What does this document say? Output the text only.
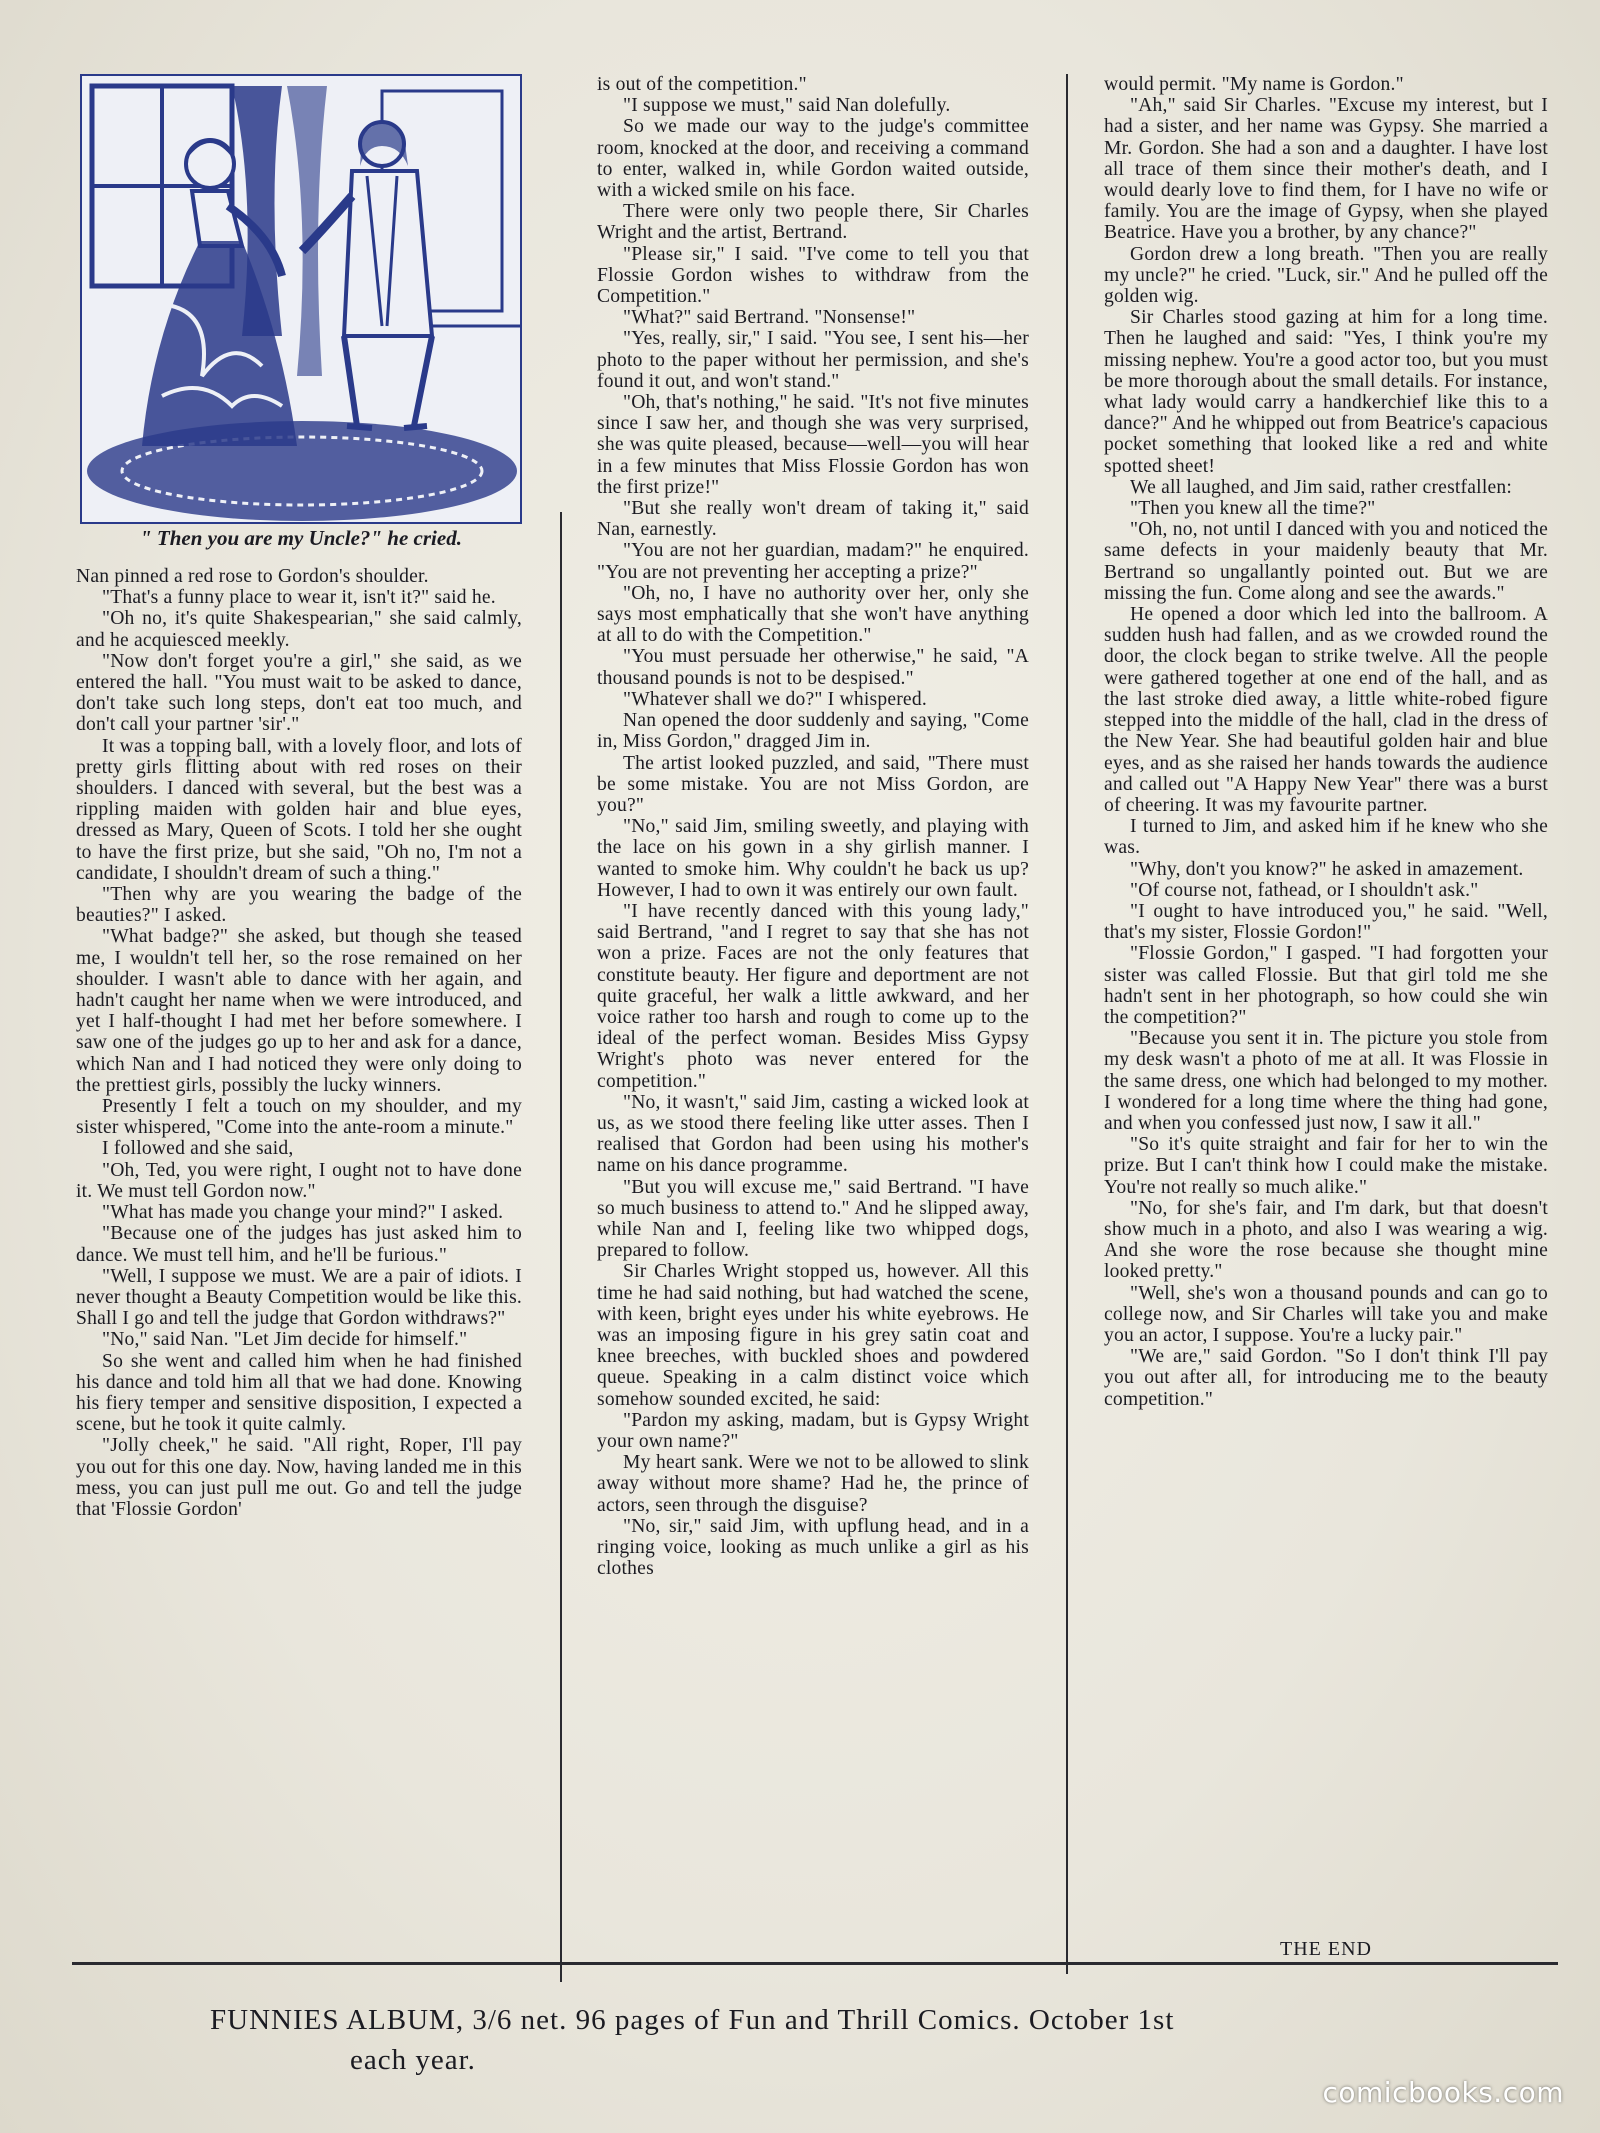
" Then you are my Uncle?" he cried.

Nan pinned a red rose to Gordon's shoulder.

"That's a funny place to wear it, isn't it?" said he.

"Oh no, it's quite Shakespearian," she said calmly, and he acquiesced meekly.

"Now don't forget you're a girl," she said, as we entered the hall. "You must wait to be asked to dance, don't take such long steps, don't eat too much, and don't call your partner 'sir'."

It was a topping ball, with a lovely floor, and lots of pretty girls flitting about with red roses on their shoulders. I danced with several, but the best was a rippling maiden with golden hair and blue eyes, dressed as Mary, Queen of Scots. I told her she ought to have the first prize, but she said, "Oh no, I'm not a candidate, I shouldn't dream of such a thing."

"Then why are you wearing the badge of the beauties?" I asked.

"What badge?" she asked, but though she teased me, I wouldn't tell her, so the rose remained on her shoulder. I wasn't able to dance with her again, and hadn't caught her name when we were introduced, and yet I half-thought I had met her before somewhere. I saw one of the judges go up to her and ask for a dance, which Nan and I had noticed they were only doing to the prettiest girls, possibly the lucky winners.

Presently I felt a touch on my shoulder, and my sister whispered, "Come into the ante-room a minute."

I followed and she said,

"Oh, Ted, you were right, I ought not to have done it. We must tell Gordon now."

"What has made you change your mind?" I asked.

"Because one of the judges has just asked him to dance. We must tell him, and he'll be furious."

"Well, I suppose we must. We are a pair of idiots. I never thought a Beauty Competition would be like this. Shall I go and tell the judge that Gordon withdraws?"

"No," said Nan. "Let Jim decide for himself."

So she went and called him when he had finished his dance and told him all that we had done. Knowing his fiery temper and sensitive disposition, I expected a scene, but he took it quite calmly.

"Jolly cheek," he said. "All right, Roper, I'll pay you out for this one day. Now, having landed me in this mess, you can just pull me out. Go and tell the judge that 'Flossie Gordon'

is out of the competition."

"I suppose we must," said Nan dolefully.

So we made our way to the judge's committee room, knocked at the door, and receiving a command to enter, walked in, while Gordon waited outside, with a wicked smile on his face.

There were only two people there, Sir Charles Wright and the artist, Bertrand.

"Please sir," I said. "I've come to tell you that Flossie Gordon wishes to withdraw from the Competition."

"What?" said Bertrand. "Nonsense!"

"Yes, really, sir," I said. "You see, I sent his—her photo to the paper without her permission, and she's found it out, and won't stand."

"Oh, that's nothing," he said. "It's not five minutes since I saw her, and though she was very surprised, she was quite pleased, because—well—you will hear in a few minutes that Miss Flossie Gordon has won the first prize!"

"But she really won't dream of taking it," said Nan, earnestly.

"You are not her guardian, madam?" he enquired. "You are not preventing her accepting a prize?"

"Oh, no, I have no authority over her, only she says most emphatically that she won't have anything at all to do with the Competition."

"You must persuade her otherwise," he said, "A thousand pounds is not to be despised."

"Whatever shall we do?" I whispered.

Nan opened the door suddenly and saying, "Come in, Miss Gordon," dragged Jim in.

The artist looked puzzled, and said, "There must be some mistake. You are not Miss Gordon, are you?"

"No," said Jim, smiling sweetly, and playing with the lace on his gown in a shy girlish manner. I wanted to smoke him. Why couldn't he back us up? However, I had to own it was entirely our own fault.

"I have recently danced with this young lady," said Bertrand, "and I regret to say that she has not won a prize. Faces are not the only features that constitute beauty. Her figure and deportment are not quite graceful, her walk a little awkward, and her voice rather too harsh and rough to come up to the ideal of the perfect woman. Besides Miss Gypsy Wright's photo was never entered for the competition."

"No, it wasn't," said Jim, casting a wicked look at us, as we stood there feeling like utter asses. Then I realised that Gordon had been using his mother's name on his dance programme.

"But you will excuse me," said Bertrand. "I have so much business to attend to." And he slipped away, while Nan and I, feeling like two whipped dogs, prepared to follow.

Sir Charles Wright stopped us, however. All this time he had said nothing, but had watched the scene, with keen, bright eyes under his white eyebrows. He was an imposing figure in his grey satin coat and knee breeches, with buckled shoes and powdered queue. Speaking in a calm distinct voice which somehow sounded excited, he said:

"Pardon my asking, madam, but is Gypsy Wright your own name?"

My heart sank. Were we not to be allowed to slink away without more shame? Had he, the prince of actors, seen through the disguise?

"No, sir," said Jim, with upflung head, and in a ringing voice, looking as much unlike a girl as his clothes

would permit. "My name is Gordon."

"Ah," said Sir Charles. "Excuse my interest, but I had a sister, and her name was Gypsy. She married a Mr. Gordon. She had a son and a daughter. I have lost all trace of them since their mother's death, and I would dearly love to find them, for I have no wife or family. You are the image of Gypsy, when she played Beatrice. Have you a brother, by any chance?"

Gordon drew a long breath. "Then you are really my uncle?" he cried. "Luck, sir." And he pulled off the golden wig.

Sir Charles stood gazing at him for a long time. Then he laughed and said: "Yes, I think you're my missing nephew. You're a good actor too, but you must be more thorough about the small details. For instance, what lady would carry a handkerchief like this to a dance?" And he whipped out from Beatrice's capacious pocket something that looked like a red and white spotted sheet!

We all laughed, and Jim said, rather crestfallen:

"Then you knew all the time?"

"Oh, no, not until I danced with you and noticed the same defects in your maidenly beauty that Mr. Bertrand so ungallantly pointed out. But we are missing the fun. Come along and see the awards."

He opened a door which led into the ballroom. A sudden hush had fallen, and as we crowded round the door, the clock began to strike twelve. All the people were gathered together at one end of the hall, and as the last stroke died away, a little white-robed figure stepped into the middle of the hall, clad in the dress of the New Year. She had beautiful golden hair and blue eyes, and as she raised her hands towards the audience and called out "A Happy New Year" there was a burst of cheering. It was my favourite partner.

I turned to Jim, and asked him if he knew who she was.

"Why, don't you know?" he asked in amazement.

"Of course not, fathead, or I shouldn't ask."

"I ought to have introduced you," he said. "Well, that's my sister, Flossie Gordon!"

"Flossie Gordon," I gasped. "I had forgotten your sister was called Flossie. But that girl told me she hadn't sent in her photograph, so how could she win the competition?"

"Because you sent it in. The picture you stole from my desk wasn't a photo of me at all. It was Flossie in the same dress, one which had belonged to my mother. I wondered for a long time where the thing had gone, and when you confessed just now, I saw it all."

"So it's quite straight and fair for her to win the prize. But I can't think how I could make the mistake. You're not really so much alike."

"No, for she's fair, and I'm dark, but that doesn't show much in a photo, and also I was wearing a wig. And she wore the rose because she thought mine looked pretty."

"Well, she's won a thousand pounds and can go to college now, and Sir Charles will take you and make you an actor, I suppose. You're a lucky pair."

"We are," said Gordon. "So I don't think I'll pay you out after all, for introducing me to the beauty competition."

THE END
FUNNIES ALBUM, 3/6 net. 96 pages of Fun and Thrill Comics. October 1st
each year.
comicbooks.com
